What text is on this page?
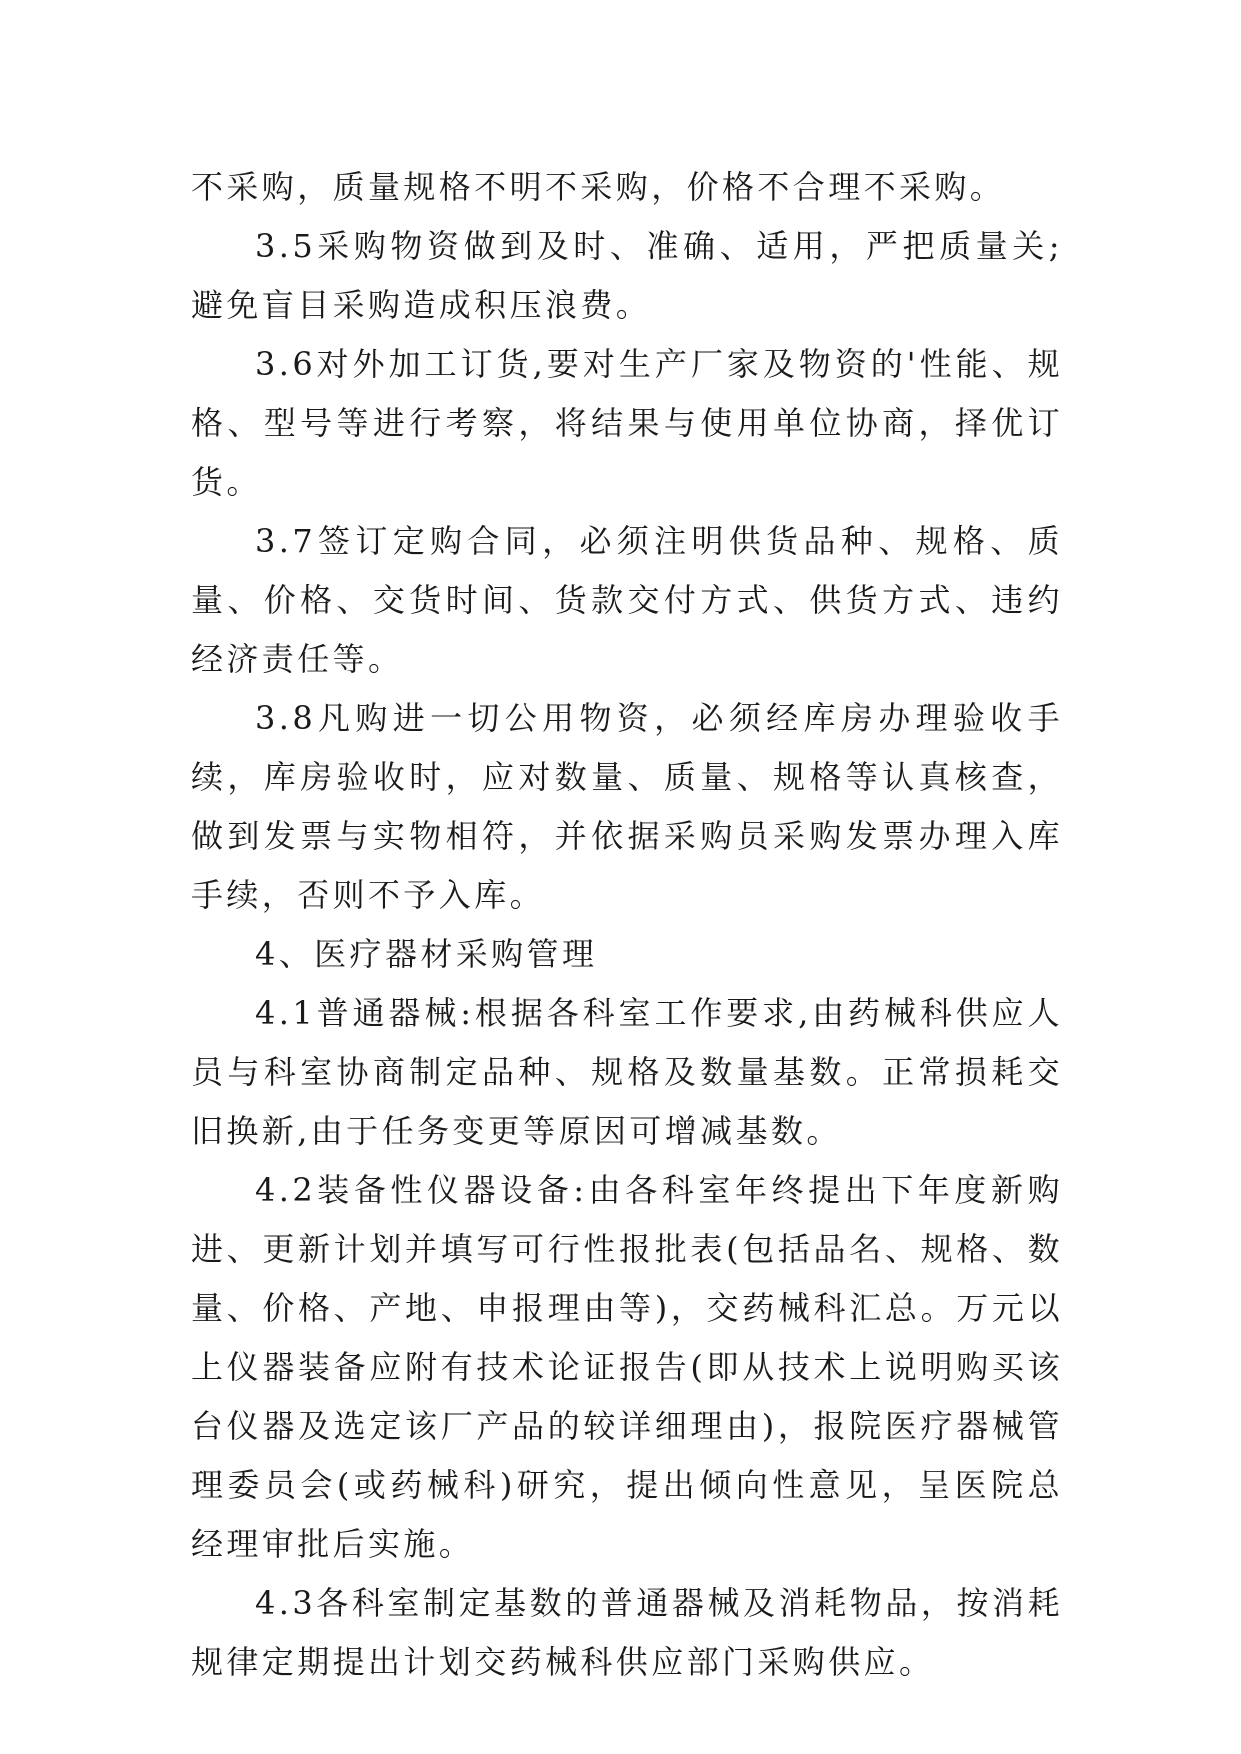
不采购，质量规格不明不采购，价格不合理不采购。

3.5采购物资做到及时、准确、适用，严把质量关;避免盲目采购造成积压浪费。

3.6对外加工订货,要对生产厂家及物资的'性能、规格、型号等进行考察，将结果与使用单位协商，择优订货。

3.7签订定购合同，必须注明供货品种、规格、质量、价格、交货时间、货款交付方式、供货方式、违约经济责任等。

3.8凡购进一切公用物资，必须经库房办理验收手续，库房验收时，应对数量、质量、规格等认真核查，做到发票与实物相符，并依据采购员采购发票办理入库手续，否则不予入库。

4、医疗器材采购管理

4.1普通器械:根据各科室工作要求,由药械科供应人员与科室协商制定品种、规格及数量基数。正常损耗交旧换新,由于任务变更等原因可增减基数。

4.2装备性仪器设备:由各科室年终提出下年度新购进、更新计划并填写可行性报批表(包括品名、规格、数量、价格、产地、申报理由等)，交药械科汇总。万元以上仪器装备应附有技术论证报告(即从技术上说明购买该台仪器及选定该厂产品的较详细理由)，报院医疗器械管理委员会(或药械科)研究，提出倾向性意见，呈医院总经理审批后实施。

4.3各科室制定基数的普通器械及消耗物品，按消耗规律定期提出计划交药械科供应部门采购供应。
